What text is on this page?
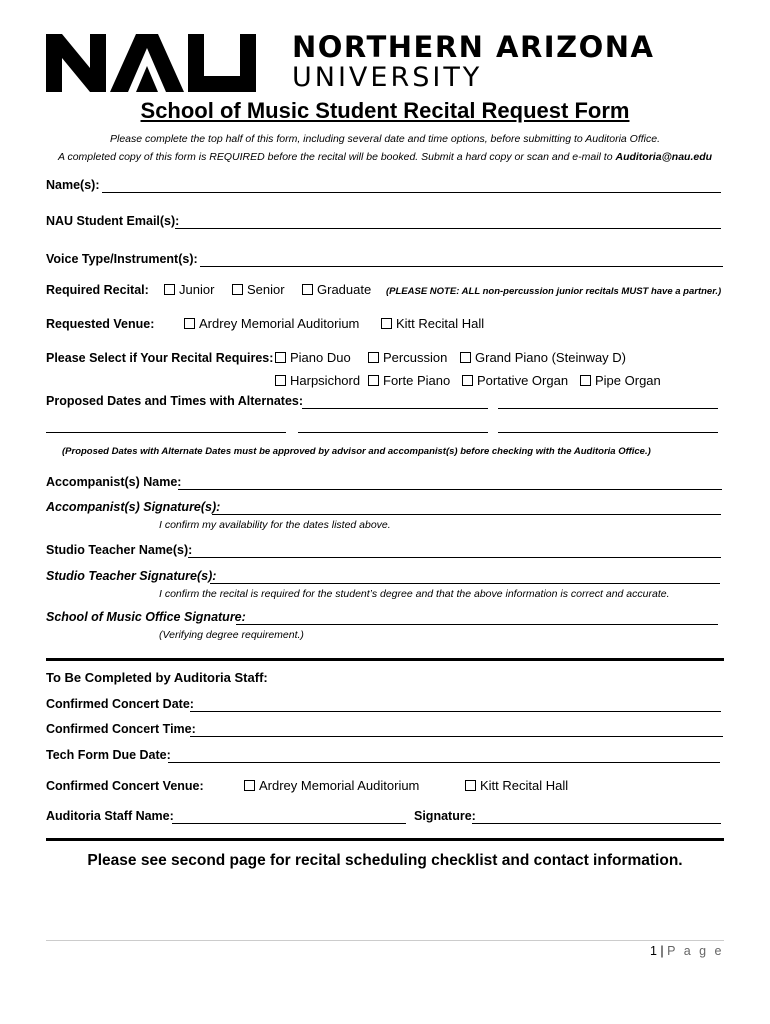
NORTHERN ARIZONA
UNIVERSITY
School of Music Student Recital Request Form
Please complete the top half of this form, including several date and time options, before submitting to Auditoria Office.
A completed copy of this form is REQUIRED before the recital will be booked. Submit a hard copy or scan and e-mail to Auditoria@nau.edu
Name(s):
NAU Student Email(s):
Voice Type/Instrument(s):
Required Recital:	Junior	Senior	Graduate (PLEASE NOTE: ALL non-percussion junior recitals MUST have a partner.)
Requested Venue:	Ardrey Memorial Auditorium	Kitt Recital Hall
Please Select if Your Recital Requires:	Piano Duo	Percussion	Grand Piano (Steinway D)
Harpsichord	Forte Piano	Portative Organ	Pipe Organ
Proposed Dates and Times with Alternates:
(Proposed Dates with Alternate Dates must be approved by advisor and accompanist(s) before checking with the Auditoria Office.)
Accompanist(s) Name:
Accompanist(s) Signature(s):
I confirm my availability for the dates listed above.
Studio Teacher Name(s):
Studio Teacher Signature(s):
I confirm the recital is required for the student’s degree and that the above information is correct and accurate.
School of Music Office Signature:
(Verifying degree requirement.)
To Be Completed by Auditoria Staff:
Confirmed Concert Date:
Confirmed Concert Time:
Tech Form Due Date:
Confirmed Concert Venue:	Ardrey Memorial Auditorium	Kitt Recital Hall
Auditoria Staff Name:	Signature:
Please see second page for recital scheduling checklist and contact information.
1 | P a g e
